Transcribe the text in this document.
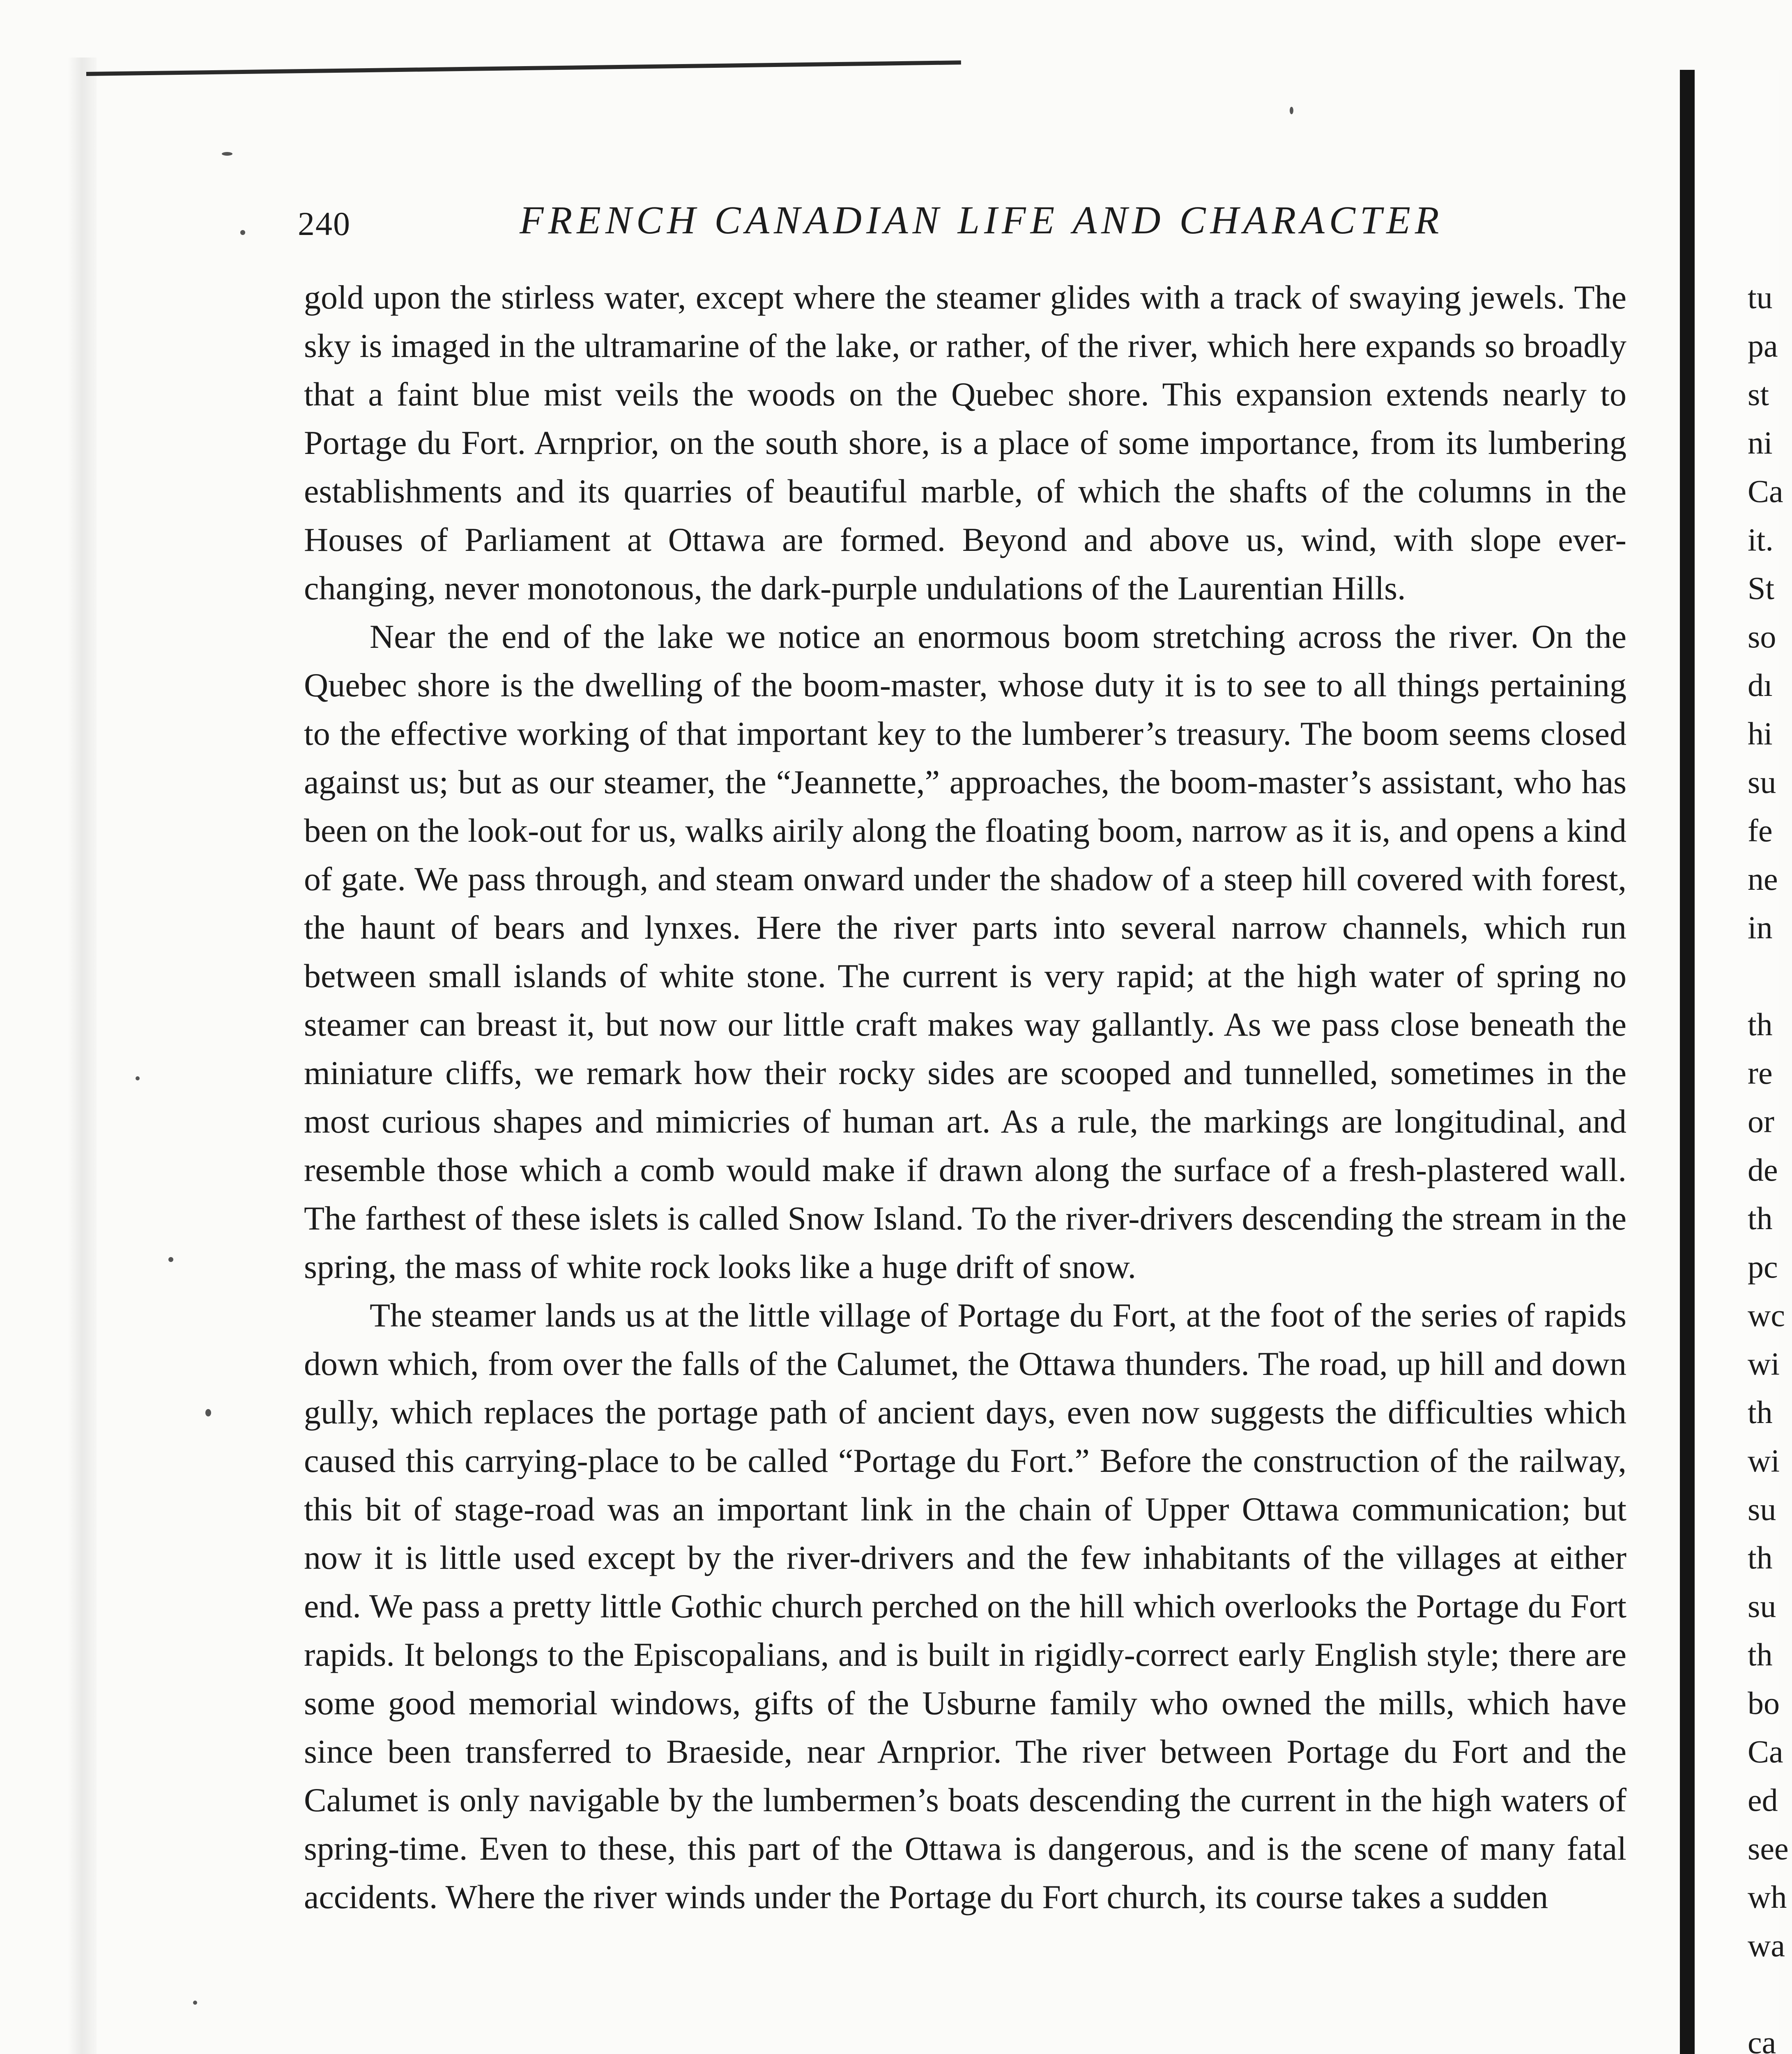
240	FRENCH CANADIAN LIFE AND CHARACTER

gold upon the stirless water, except where the steamer glides with a track of swaying jewels. The sky is imaged in the ultramarine of the lake, or rather, of the river, which here expands so broadly that a faint blue mist veils the woods on the Quebec shore. This expansion extends nearly to Portage du Fort. Arnprior, on the south shore, is a place of some importance, from its lumbering establishments and its quarries of beautiful marble, of which the shafts of the columns in the Houses of Parliament at Ottawa are formed. Beyond and above us, wind, with slope ever-changing, never monotonous, the dark-purple undulations of the Laurentian Hills.

Near the end of the lake we notice an enormous boom stretching across the river. On the Quebec shore is the dwelling of the boom-master, whose duty it is to see to all things pertaining to the effective working of that important key to the lumberer’s treasury. The boom seems closed against us; but as our steamer, the “Jeannette,” approaches, the boom-master’s assistant, who has been on the look-out for us, walks airily along the floating boom, narrow as it is, and opens a kind of gate. We pass through, and steam onward under the shadow of a steep hill covered with forest, the haunt of bears and lynxes. Here the river parts into several narrow channels, which run between small islands of white stone. The current is very rapid; at the high water of spring no steamer can breast it, but now our little craft makes way gallantly. As we pass close beneath the miniature cliffs, we remark how their rocky sides are scooped and tunnelled, sometimes in the most curious shapes and mimicries of human art. As a rule, the markings are longitudinal, and resemble those which a comb would make if drawn along the surface of a fresh-plastered wall. The farthest of these islets is called Snow Island. To the river-drivers descending the stream in the spring, the mass of white rock looks like a huge drift of snow.

The steamer lands us at the little village of Portage du Fort, at the foot of the series of rapids down which, from over the falls of the Calumet, the Ottawa thunders. The road, up hill and down gully, which replaces the portage path of ancient days, even now suggests the difficulties which caused this carrying-place to be called “Portage du Fort.” Before the construction of the railway, this bit of stage-road was an important link in the chain of Upper Ottawa communication; but now it is little used except by the river-drivers and the few inhabitants of the villages at either end. We pass a pretty little Gothic church perched on the hill which overlooks the Portage du Fort rapids. It belongs to the Episcopalians, and is built in rigidly-correct early English style; there are some good memorial windows, gifts of the Usburne family who owned the mills, which have since been transferred to Braeside, near Arnprior. The river between Portage du Fort and the Calumet is only navigable by the lumbermen’s boats descending the current in the high waters of spring-time. Even to these, this part of the Ottawa is dangerous, and is the scene of many fatal accidents. Where the river winds under the Portage du Fort church, its course takes a sudden

tu
pa
st
ni
Ca
it.
St
so
dı
hi
su
fe
ne
in
th
re
or
de
th
pc
wc
wi
th
wi
su
th
su
th
bo
Ca
ed
see
wh
wa
ca
